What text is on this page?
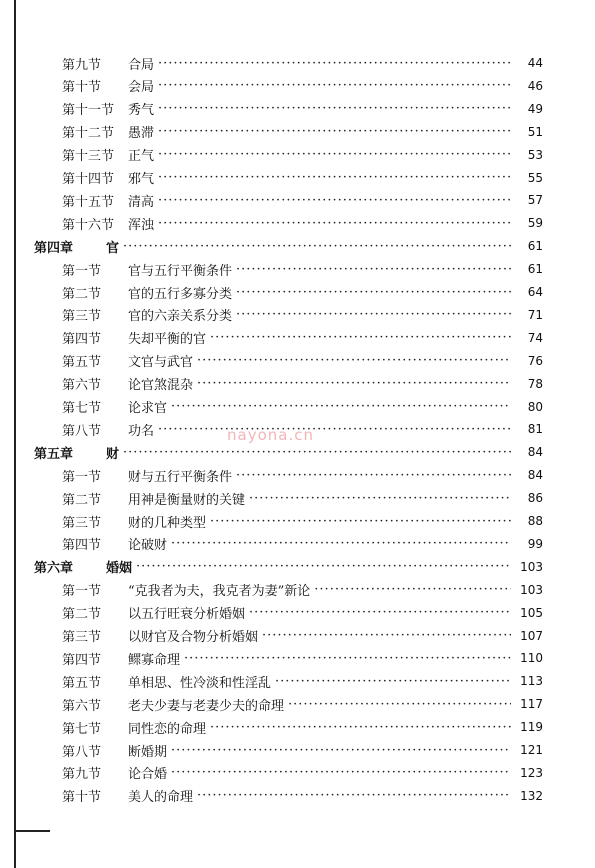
第九节	合局 ·····	44
第十节	会局 ·····	46
第十一节	秀气 ·····	49
第十二节	愚滞 ·····	51
第十三节	正气 ·····	53
第十四节	邪气 ·····	55
第十五节	清高 ·····	57
第十六节	浑浊 ·····	59
第四章	官 ·····	61
第一节	官与五行平衡条件 ·····	61
第二节	官的五行多寡分类 ·····	64
第三节	官的六亲关系分类 ·····	71
第四节	失却平衡的官 ·····	74
第五节	文官与武官 ·····	76
第六节	论官煞混杂 ·····	78
第七节	论求官 ·····	80
第八节	功名 ·····	81
第五章	财 ·····	84
第一节	财与五行平衡条件 ·····	84
第二节	用神是衡量财的关键 ·····	86
第三节	财的几种类型 ·····	88
第四节	论破财 ·····	99
第六章	婚姻 ·····	103
第一节	“克我者为夫，我克者为妻”新论 ·····	103
第二节	以五行旺衰分析婚姻 ·····	105
第三节	以财官及合物分析婚姻 ·····	107
第四节	鳏寡命理 ·····	110
第五节	单相思、性冷淡和性淫乱 ·····	113
第六节	老夫少妻与老妻少夫的命理 ·····	117
第七节	同性恋的命理 ·····	119
第八节	断婚期 ·····	121
第九节	论合婚 ·····	123
第十节	美人的命理 ·····	132
nayona.cn
